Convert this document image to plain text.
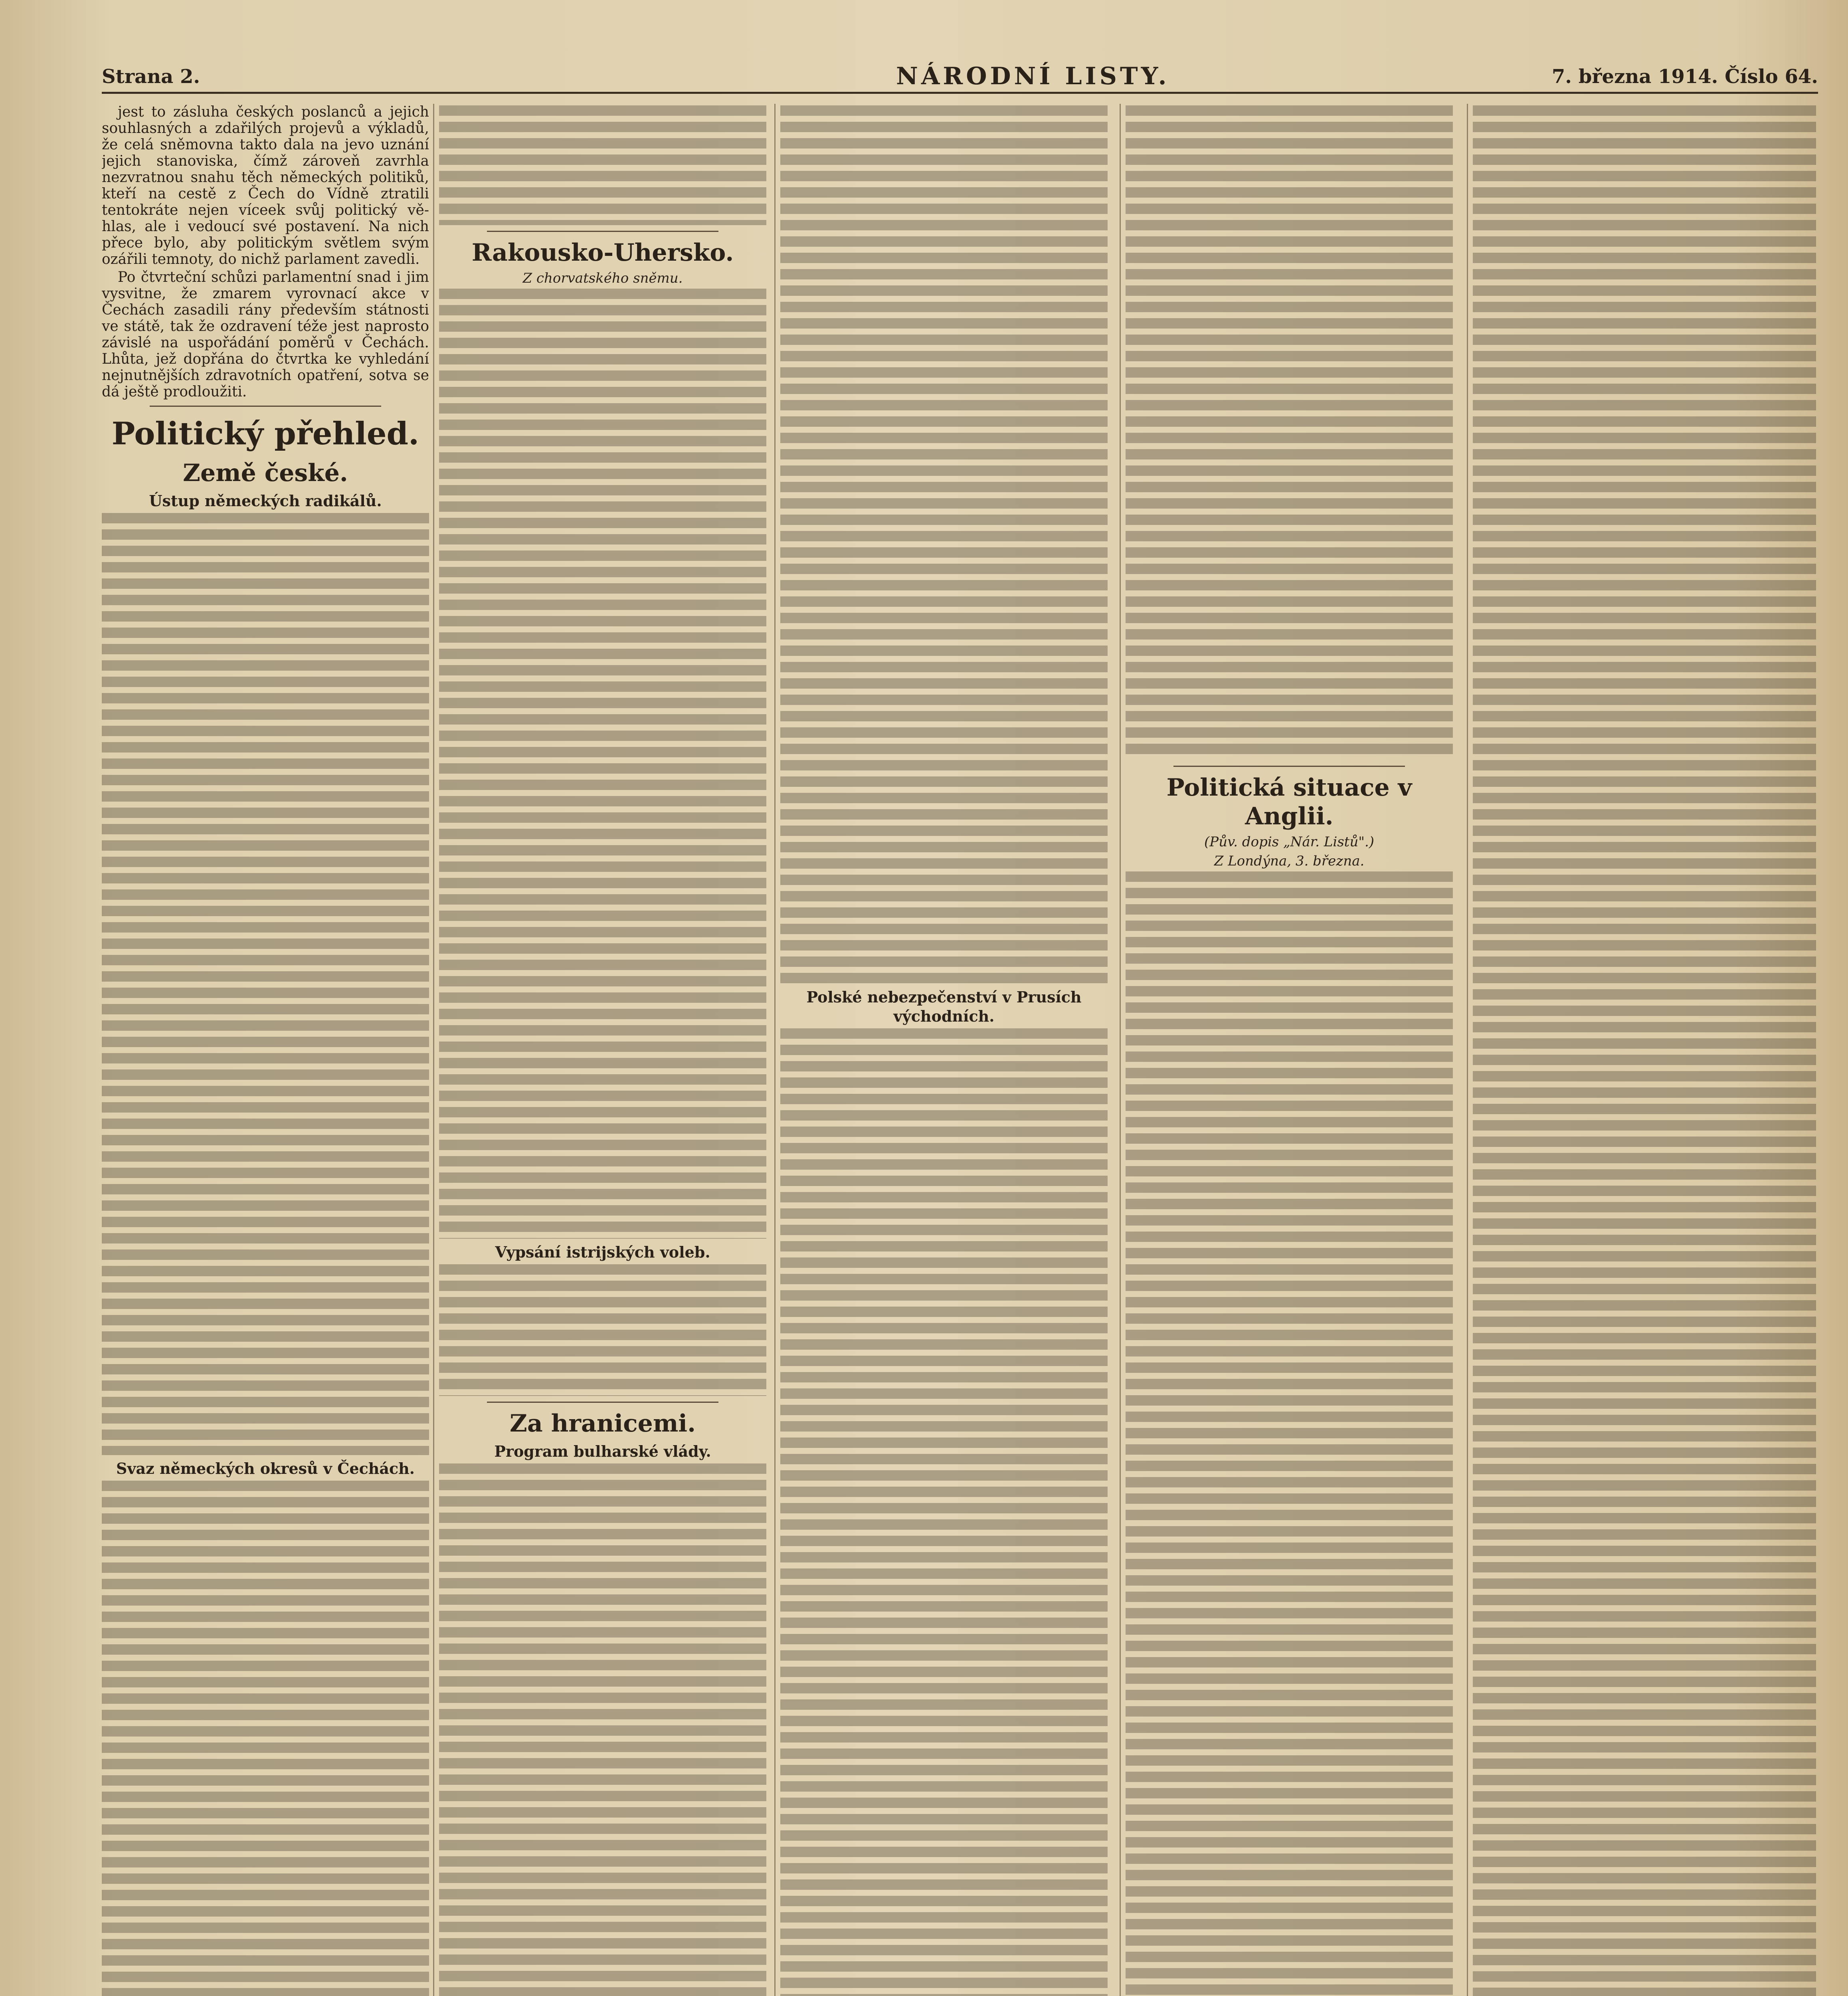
Strana 2.	NÁRODNÍ LISTY.	7. března 1914. Číslo 64.

jest to zásluha českých poslanců a jejich souhlasných a zdařilých projevů a výkladů, že celá sněmovna takto dala na jevo uznání jejich stanoviska, čímž zároveň zavrhla nezvratnou snahu těch německých politiků, kteří na cestě z Čech do Vídně ztratili tentokráte nejen víceek svůj politický vě- hlas, ale i vedoucí své postavení. Na nich přece bylo, aby politickým světlem svým ozářili temnoty, do nichž parlament zavedli.

Po čtvrteční schůzi parlamentní snad i jim vysvitne, že zmarem vyrovnací akce v Čechách zasadili rány především státnosti ve státě, tak že ozdravení téže jest naprosto závislé na uspořádání poměrů v Čechách. Lhůta, jež dopřána do čtvrtka ke vyhledání nejnutnějších zdravotních opatření, sotva se dá ještě prodloužiti.

Politický přehled.
Země české.
Ústup německých radikálů.
Svaz německých okresů v Čechách.
Rakousko-Uhersko.
Z chorvatského sněmu.
Vypsání istrijských voleb.
Za hranicemi.
Program bulharské vlády.
Polské nebezpečenství v Prusích východních.
Politická situace v Anglii.
(Pův. dopis „Nár. Listů".)
Z Londýna, 3. března.
